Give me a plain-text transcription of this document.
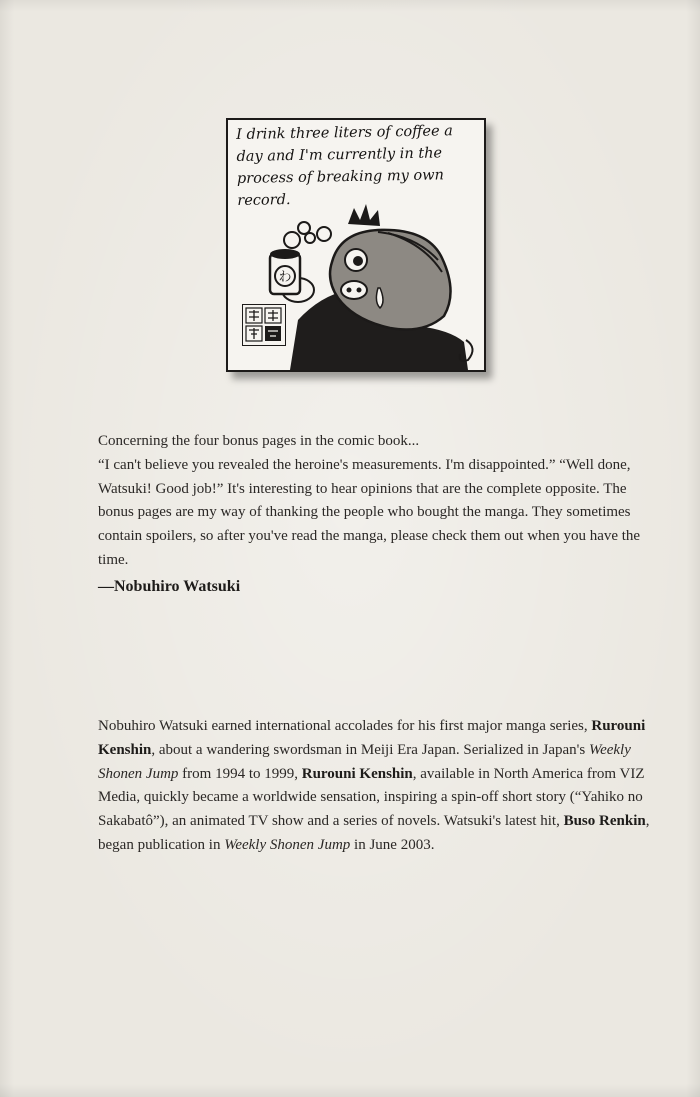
わ
I drink three liters of coffee a day and I'm currently in the process of breaking my own record.

Concerning the four bonus pages in the comic book...

“I can't believe you revealed the heroine's measurements. I'm disappointed.” “Well done, Watsuki! Good job!” It's interesting to hear opinions that are the complete opposite. The bonus pages are my way of thanking the people who bought the manga. They sometimes contain spoilers, so after you've read the manga, please check them out when you have the time.

—Nobuhiro Watsuki

Nobuhiro Watsuki earned international accolades for his first major manga series, Rurouni Kenshin, about a wandering swordsman in Meiji Era Japan. Serialized in Japan's Weekly Shonen Jump from 1994 to 1999, Rurouni Kenshin, available in North America from VIZ Media, quickly became a worldwide sensation, inspiring a spin-off short story (“Yahiko no Sakabatô”), an animated TV show and a series of novels. Watsuki's latest hit, Buso Renkin, began publication in Weekly Shonen Jump in June 2003.
